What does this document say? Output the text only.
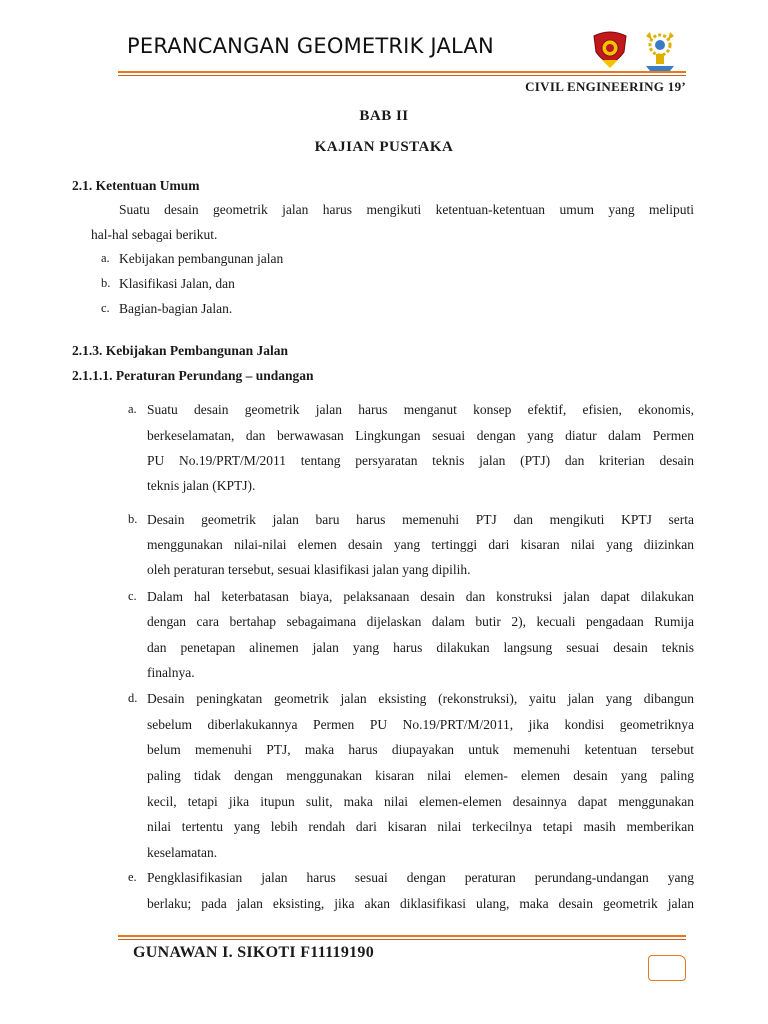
PERANCANGAN GEOMETRIK JALAN
CIVIL ENGINEERING 19’
BAB II
KAJIAN PUSTAKA
2.1. Ketentuan Umum
Suatu desain geometrik jalan harus mengikuti ketentuan-ketentuan umum yang meliputi
hal-hal sebagai berikut.
a. Kebijakan pembangunan jalan
b. Klasifikasi Jalan, dan
c. Bagian-bagian Jalan.
2.1.3. Kebijakan Pembangunan Jalan
2.1.1.1. Peraturan Perundang – undangan
a. Suatu desain geometrik jalan harus menganut konsep efektif, efisien, ekonomis,
berkeselamatan, dan berwawasan Lingkungan sesuai dengan yang diatur dalam Permen
PU No.19/PRT/M/2011 tentang persyaratan teknis jalan (PTJ) dan kriterian desain
teknis jalan (KPTJ).
b. Desain geometrik jalan baru harus memenuhi PTJ dan mengikuti KPTJ serta
menggunakan nilai-nilai elemen desain yang tertinggi dari kisaran nilai yang diizinkan
oleh peraturan tersebut, sesuai klasifikasi jalan yang dipilih.
c. Dalam hal keterbatasan biaya, pelaksanaan desain dan konstruksi jalan dapat dilakukan
dengan cara bertahap sebagaimana dijelaskan dalam butir 2), kecuali pengadaan Rumija
dan penetapan alinemen jalan yang harus dilakukan langsung sesuai desain teknis
finalnya.
d. Desain peningkatan geometrik jalan eksisting (rekonstruksi), yaitu jalan yang dibangun
sebelum diberlakukannya Permen PU No.19/PRT/M/2011, jika kondisi geometriknya
belum memenuhi PTJ, maka harus diupayakan untuk memenuhi ketentuan tersebut
paling tidak dengan menggunakan kisaran nilai elemen- elemen desain yang paling
kecil, tetapi jika itupun sulit, maka nilai elemen-elemen desainnya dapat menggunakan
nilai tertentu yang lebih rendah dari kisaran nilai terkecilnya tetapi masih memberikan
keselamatan.
e. Pengklasifikasian jalan harus sesuai dengan peraturan perundang-undangan yang
berlaku; pada jalan eksisting, jika akan diklasifikasi ulang, maka desain geometrik jalan
GUNAWAN I. SIKOTI F11119190
